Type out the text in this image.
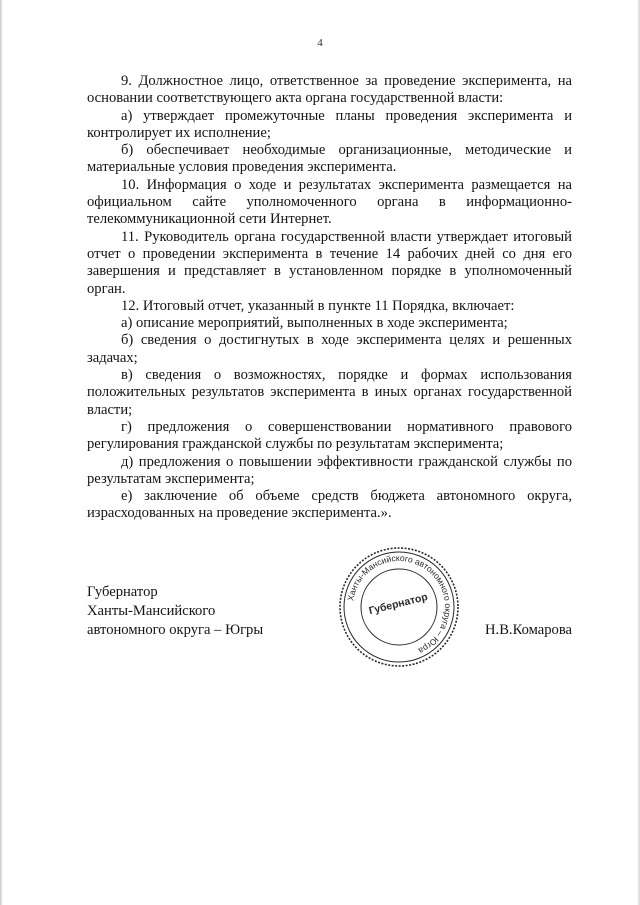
4

9. Должностное лицо, ответственное за проведение эксперимента, на основании соответствующего акта органа государственной власти:

а) утверждает промежуточные планы проведения эксперимента и контролирует их исполнение;

б) обеспечивает необходимые организационные, методические и материальные условия проведения эксперимента.

10. Информация о ходе и результатах эксперимента размещается на официальном сайте уполномоченного органа в информационно-телекоммуникационной сети Интернет.

11. Руководитель органа государственной власти утверждает итоговый отчет о проведении эксперимента в течение 14 рабочих дней со дня его завершения и представляет в установленном порядке в уполномоченный орган.

12. Итоговый отчет, указанный в пункте 11 Порядка, включает:

а) описание мероприятий, выполненных в ходе эксперимента;

б) сведения о достигнутых в ходе эксперимента целях и решенных задачах;

в) сведения о возможностях, порядке и формах использования положительных результатов эксперимента в иных органах государственной власти;

г) предложения о совершенствовании нормативного правового регулирования гражданской службы по результатам эксперимента;

д) предложения о повышении эффективности гражданской службы по результатам эксперимента;

е) заключение об объеме средств бюджета автономного округа, израсходованных на проведение эксперимента.».

Губернатор
Ханты-Мансийского
автономного округа – Югры
Ханты-Мансийского автономного округа – Югра
Губернатор
Н.В.Комарова
